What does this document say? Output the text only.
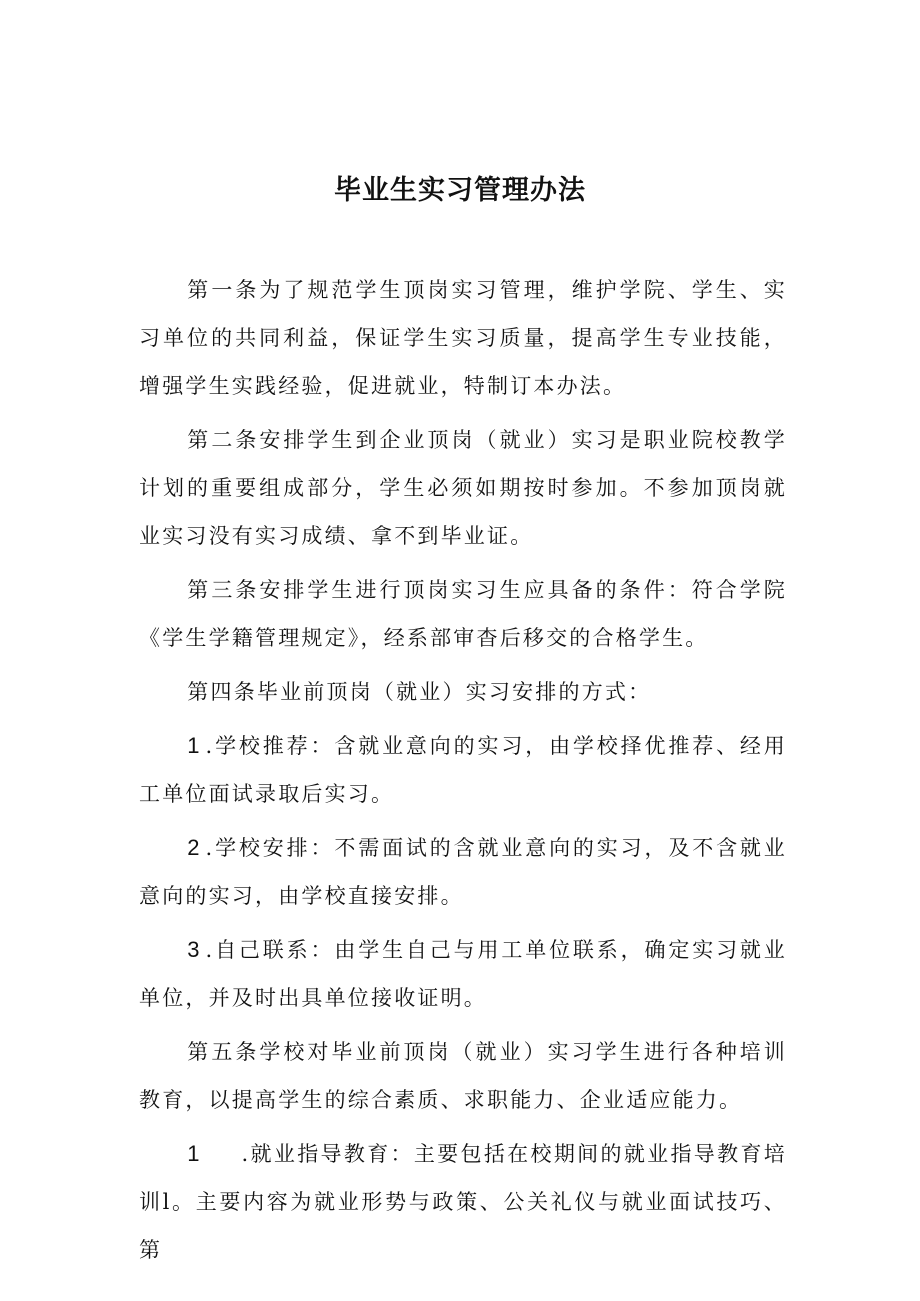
毕业生实习管理办法

第一条为了规范学生顶岗实习管理，维护学院、学生、实习单位的共同利益，保证学生实习质量，提高学生专业技能，增强学生实践经验，促进就业，特制订本办法。

第二条安排学生到企业顶岗（就业）实习是职业院校教学计划的重要组成部分，学生必须如期按时参加。不参加顶岗就业实习没有实习成绩、拿不到毕业证。

第三条安排学生进行顶岗实习生应具备的条件：符合学院《学生学籍管理规定》，经系部审杳后移交的合格学生。

第四条毕业前顶岗（就业）实习安排的方式：

1 .学校推荐：含就业意向的实习，由学校择优推荐、经用工单位面试录取后实习。

2 .学校安排：不需面试的含就业意向的实习，及不含就业意向的实习，由学校直接安排。

3 .自己联系：由学生自己与用工单位联系，确定实习就业单位，并及时出具单位接收证明。

第五条学校对毕业前顶岗（就业）实习学生进行各种培训教育，以提高学生的综合素质、求职能力、企业适应能力。

1 .就业指导教育：主要包括在校期间的就业指导教育培训l。主要内容为就业形势与政策、公关礼仪与就业面试技巧、第
